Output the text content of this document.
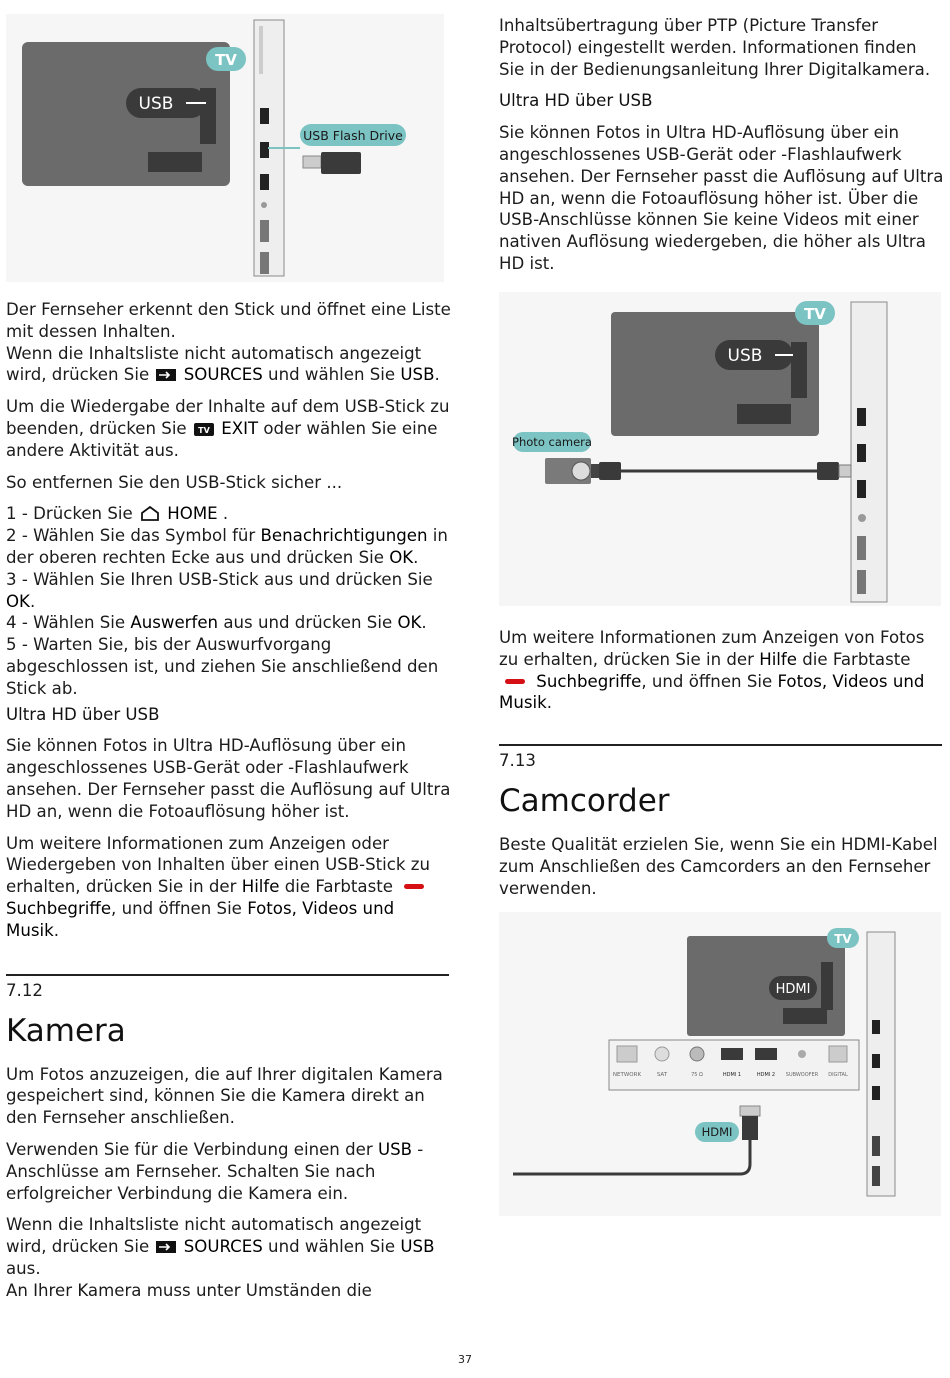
USB
TV
USB Flash Drive
USB
TV
Photo camera
HDMI
TV
NETWORK	SAT	75 Ω	HDMI 1	HDMI 2 SUBWOOFER DIGITAL
HDMI

Inhaltsübertragung über PTP (Picture Transfer Protocol) eingestellt werden. Informationen finden Sie in der Bedienungsanleitung Ihrer Digitalkamera.

Ultra HD über USB

Sie können Fotos in Ultra HD-Auflösung über ein angeschlossenes USB-Gerät oder -Flashlaufwerk ansehen. Der Fernseher passt die Auflösung auf Ultra HD an, wenn die Fotoauflösung höher ist. Über die USB-Anschlüsse können Sie keine Videos mit einer nativen Auflösung wiedergeben, die höher als Ultra HD ist.

Der Fernseher erkennt den Stick und öffnet eine Liste mit dessen Inhalten.

Wenn die Inhaltsliste nicht automatisch angezeigt wird, drücken Sie SOURCES und wählen Sie USB.

Um die Wiedergabe der Inhalte auf dem USB-Stick zu beenden, drücken Sie TV EXIT oder wählen Sie eine andere Aktivität aus.

So entfernen Sie den USB-Stick sicher ...

1 - Drücken Sie HOME .

2 - Wählen Sie das Symbol für Benachrichtigungen in der oberen rechten Ecke aus und drücken Sie OK.

3 - Wählen Sie Ihren USB-Stick aus und drücken Sie OK.

4 - Wählen Sie Auswerfen aus und drücken Sie OK.

5 - Warten Sie, bis der Auswurfvorgang abgeschlossen ist, und ziehen Sie anschließend den Stick ab.

Ultra HD über USB

Sie können Fotos in Ultra HD-Auflösung über ein angeschlossenes USB-Gerät oder -Flashlaufwerk ansehen. Der Fernseher passt die Auflösung auf Ultra HD an, wenn die Fotoauflösung höher ist.

Um weitere Informationen zum Anzeigen oder Wiedergeben von Inhalten über einen USB-Stick zu erhalten, drücken Sie in der Hilfe die Farbtaste  Suchbegriffe, und öffnen Sie Fotos, Videos und Musik.

7.12

Kamera

Um Fotos anzuzeigen, die auf Ihrer digitalen Kamera gespeichert sind, können Sie die Kamera direkt an den Fernseher anschließen.

Verwenden Sie für die Verbindung einen der USB -Anschlüsse am Fernseher. Schalten Sie nach erfolgreicher Verbindung die Kamera ein.

Wenn die Inhaltsliste nicht automatisch angezeigt wird, drücken Sie SOURCES und wählen Sie USB aus.

An Ihrer Kamera muss unter Umständen die

Um weitere Informationen zum Anzeigen von Fotos zu erhalten, drücken Sie in der Hilfe die Farbtaste  Suchbegriffe, und öffnen Sie Fotos, Videos und Musik.

7.13

Camcorder

Beste Qualität erzielen Sie, wenn Sie ein HDMI-Kabel zum Anschließen des Camcorders an den Fernseher verwenden.

37
